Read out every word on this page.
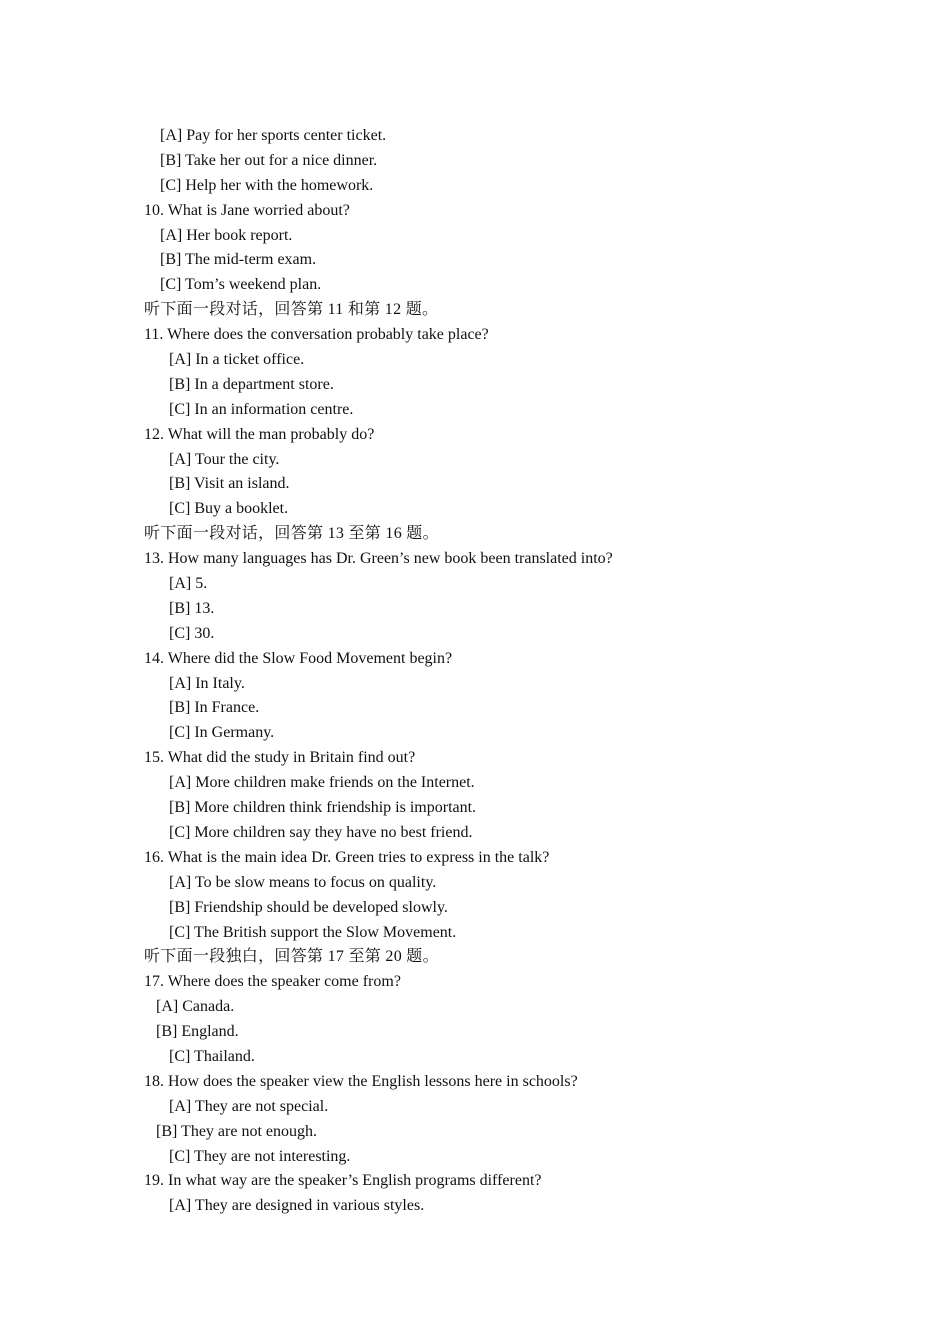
[A] Pay for her sports center ticket.
[B] Take her out for a nice dinner.
[C] Help her with the homework.
10. What is Jane worried about?
[A] Her book report.
[B] The mid-term exam.
[C] Tom’s weekend plan.
听下面一段对话，回答第 11 和第 12 题。
11. Where does the conversation probably take place?
[A] In a ticket office.
[B] In a department store.
[C] In an information centre.
12. What will the man probably do?
[A] Tour the city.
[B] Visit an island.
[C] Buy a booklet.
听下面一段对话，回答第 13 至第 16 题。
13. How many languages has Dr. Green’s new book been translated into?
[A] 5.
[B] 13.
[C] 30.
14. Where did the Slow Food Movement begin?
[A] In Italy.
[B] In France.
[C] In Germany.
15. What did the study in Britain find out?
[A] More children make friends on the Internet.
[B] More children think friendship is important.
[C] More children say they have no best friend.
16. What is the main idea Dr. Green tries to express in the talk?
[A] To be slow means to focus on quality.
[B] Friendship should be developed slowly.
[C] The British support the Slow Movement.
听下面一段独白，回答第 17 至第 20 题。
17. Where does the speaker come from?
[A] Canada.
[B] England.
[C] Thailand.
18. How does the speaker view the English lessons here in schools?
[A] They are not special.
[B] They are not enough.
[C] They are not interesting.
19. In what way are the speaker’s English programs different?
[A] They are designed in various styles.
